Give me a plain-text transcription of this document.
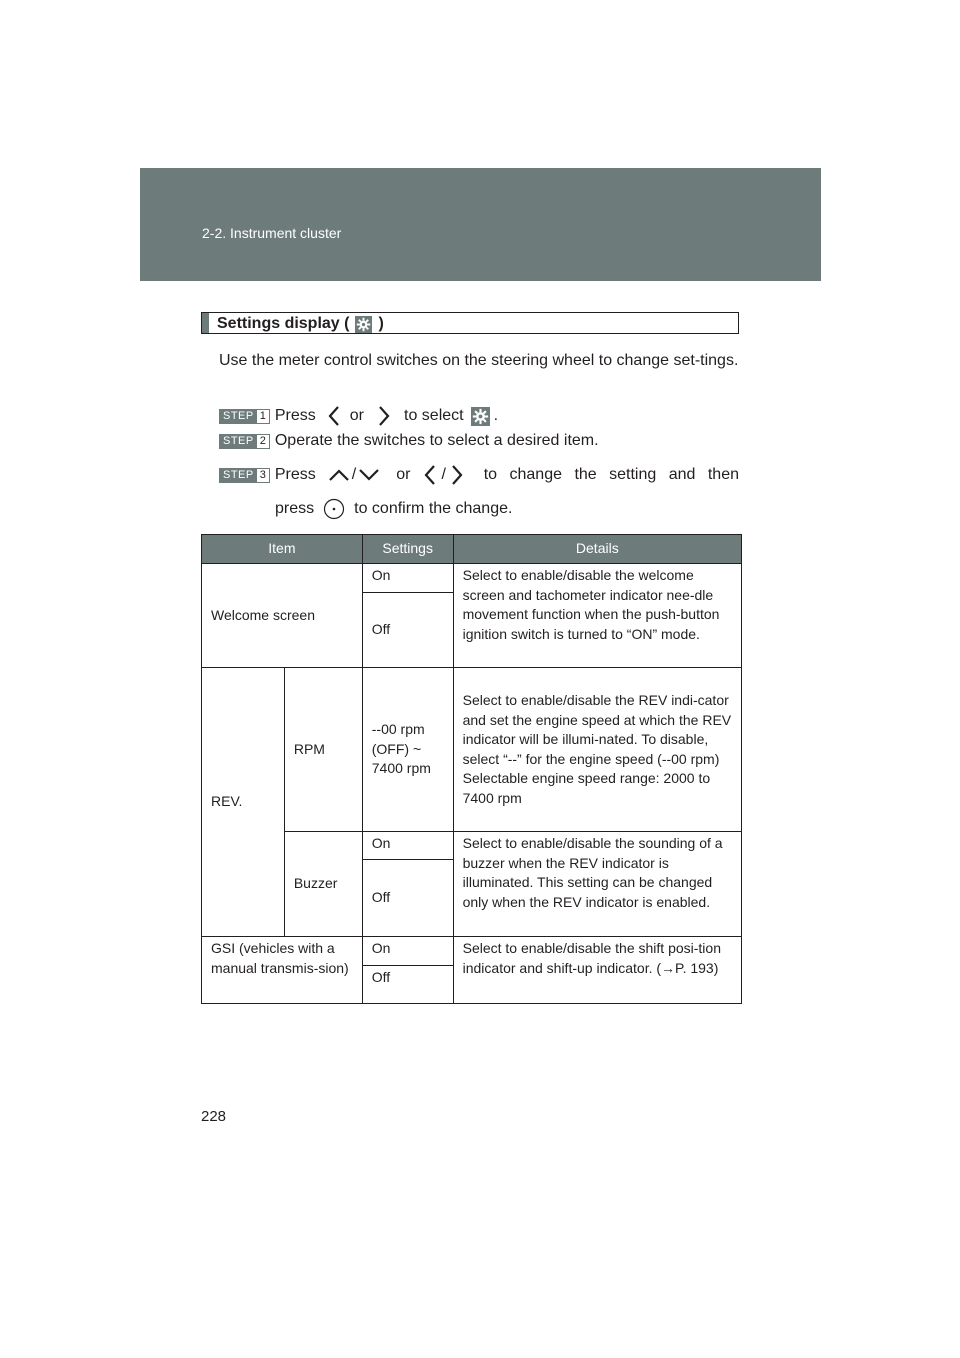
2-2. Instrument cluster
Settings display ( )
Use the meter control switches on the steering wheel to change set-tings.
STEP 1 Press or	to select .
STEP 2 Operate the switches to select a desired item.
STEP 3 Press /	or / to change the setting and then
press	to confirm the change.
Item		Settings	Details
Welcome screen		On	Select to enable/disable the welcome screen and tachometer indicator nee-dle movement function when the push-button ignition switch is turned to “ON” mode.
		Off	
REV.	RPM	--00 rpm (OFF) ~ 7400 rpm	Select to enable/disable the REV indi-cator and set the engine speed at which the REV indicator will be illumi-nated. To disable, select “--” for the engine speed (--00 rpm) Selectable engine speed range: 2000 to 7400 rpm
	Buzzer	On	Select to enable/disable the sounding of a buzzer when the REV indicator is illuminated. This setting can be changed only when the REV indicator is enabled.
		Off	
GSI (vehicles with a manual transmis-sion)		On	Select to enable/disable the shift posi-tion indicator and shift-up indicator. (→P. 193)
		Off	
228
